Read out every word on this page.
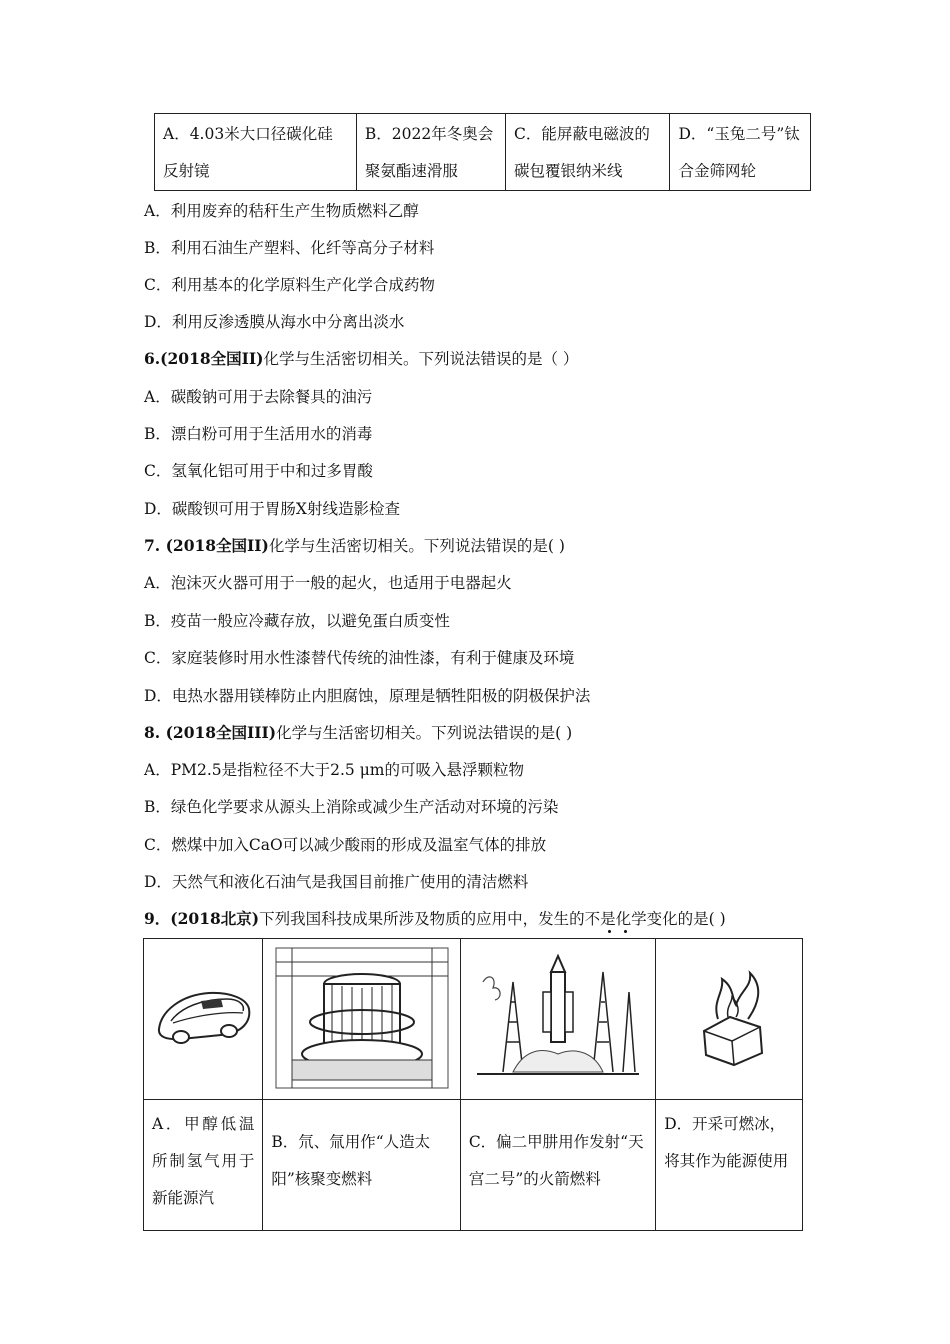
A．4.03米大口径碳化硅反射镜	B．2022年冬奥会聚氨酯速滑服	C．能屏蔽电磁波的碳包覆银纳米线	D．“玉兔二号”钛合金筛网轮
A．利用废弃的秸秆生产生物质燃料乙醇
B．利用石油生产塑料、化纤等高分子材料
C．利用基本的化学原料生产化学合成药物
D．利用反渗透膜从海水中分离出淡水
6.(2018全国II)化学与生活密切相关。下列说法错误的是（ ）
A．碳酸钠可用于去除餐具的油污
B．漂白粉可用于生活用水的消毒
C．氢氧化铝可用于中和过多胃酸
D．碳酸钡可用于胃肠X射线造影检查
7. (2018全国II)化学与生活密切相关。下列说法错误的是( )
A．泡沫灭火器可用于一般的起火，也适用于电器起火
B．疫苗一般应冷藏存放，以避免蛋白质变性
C．家庭装修时用水性漆替代传统的油性漆，有利于健康及环境
D．电热水器用镁棒防止内胆腐蚀，原理是牺牲阳极的阴极保护法
8. (2018全国III)化学与生活密切相关。下列说法错误的是( )
A．PM2.5是指粒径不大于2.5 μm的可吸入悬浮颗粒物
B．绿色化学要求从源头上消除或减少生产活动对环境的污染
C．燃煤中加入CaO可以减少酸雨的形成及温室气体的排放
D．天然气和液化石油气是我国目前推广使用的清洁燃料
9．(2018北京)下列我国科技成果所涉及物质的应用中，发生的不是化学变化的是( )

A．甲醇低温所制氢气用于新能源汽	B．氘、氚用作“人造太阳”核聚变燃料	C．偏二甲肼用作发射“天宫二号”的火箭燃料	D．开采可燃冰，将其作为能源使用
